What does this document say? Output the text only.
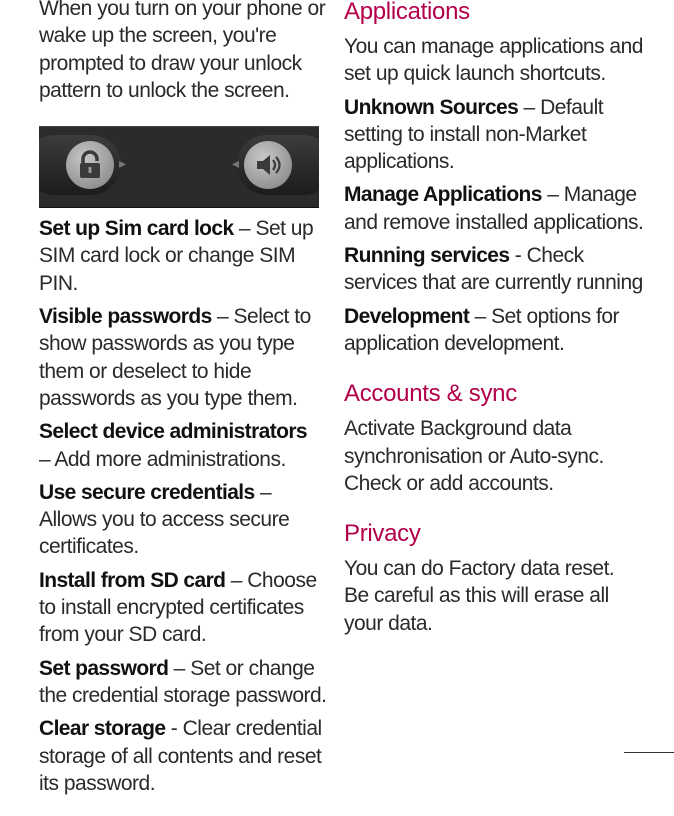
When you turn on your phone or wake up the screen, you're prompted to draw your unlock pattern to unlock the screen.

▸	◂

Set up Sim card lock – Set up SIM card lock or change SIM PIN.

Visible passwords – Select to show passwords as you type them or deselect to hide passwords as you type them.

Select device administrators
– Add more administrations.

Use secure credentials – Allows you to access secure certificates.

Install from SD card – Choose to install encrypted certificates from your SD card.

Set password – Set or change the credential storage password.

Clear storage - Clear credential storage of all contents and reset its password.

Applications

You can manage applications and set up quick launch shortcuts.

Unknown Sources – Default setting to install non-Market applications.

Manage Applications – Manage and remove installed applications.

Running services - Check services that are currently running

Development – Set options for application development.

Accounts & sync

Activate Background data synchronisation or Auto-sync. Check or add accounts.

Privacy

You can do Factory data reset. Be careful as this will erase all your data.
